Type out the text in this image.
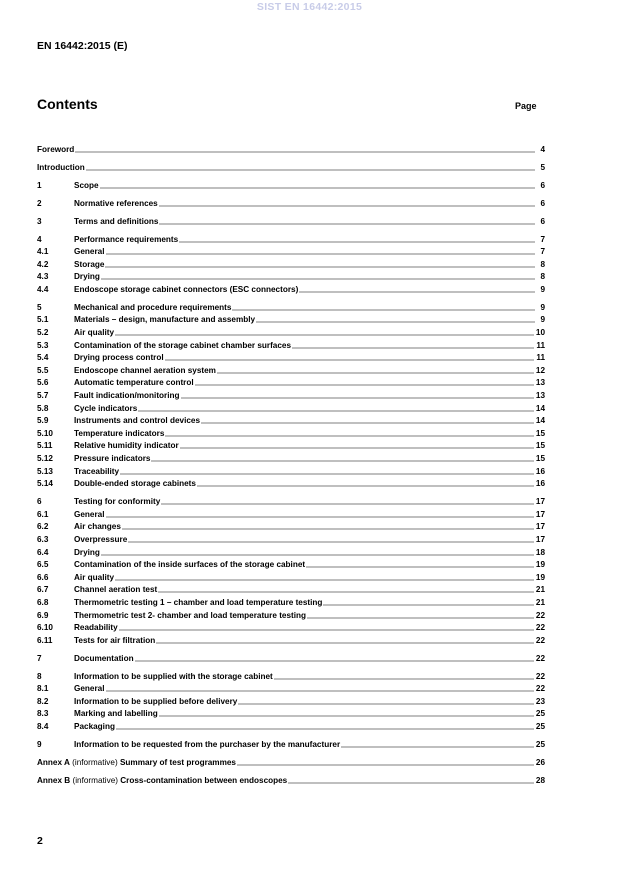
SIST EN 16442:2015
EN 16442:2015 (E)
Contents	Page
Foreword	4
Introduction	5
1	Scope	6
2	Normative references	6
3	Terms and definitions	6
4	Performance requirements	7
4.1	General	7
4.2	Storage	8
4.3	Drying	8
4.4	Endoscope storage cabinet connectors (ESC connectors)	9
5	Mechanical and procedure requirements	9
5.1	Materials – design, manufacture and assembly	9
5.2	Air quality	10
5.3	Contamination of the storage cabinet chamber surfaces	11
5.4	Drying process control	11
5.5	Endoscope channel aeration system	12
5.6	Automatic temperature control	13
5.7	Fault indication/monitoring	13
5.8	Cycle indicators	14
5.9	Instruments and control devices	14
5.10	Temperature indicators	15
5.11	Relative humidity indicator	15
5.12	Pressure indicators	15
5.13	Traceability	16
5.14	Double-ended storage cabinets	16
6	Testing for conformity	17
6.1	General	17
6.2	Air changes	17
6.3	Overpressure	17
6.4	Drying	18
6.5	Contamination of the inside surfaces of the storage cabinet	19
6.6	Air quality	19
6.7	Channel aeration test	21
6.8	Thermometric testing 1 – chamber and load temperature testing	21
6.9	Thermometric test 2- chamber and load temperature testing	22
6.10	Readability	22
6.11	Tests for air filtration	22
7	Documentation	22
8	Information to be supplied with the storage cabinet	22
8.1	General	22
8.2	Information to be supplied before delivery	23
8.3	Marking and labelling	25
8.4	Packaging	25
9	Information to be requested from the purchaser by the manufacturer	25
Annex A (informative) Summary of test programmes	26
Annex B (informative) Cross-contamination between endoscopes	28
2
